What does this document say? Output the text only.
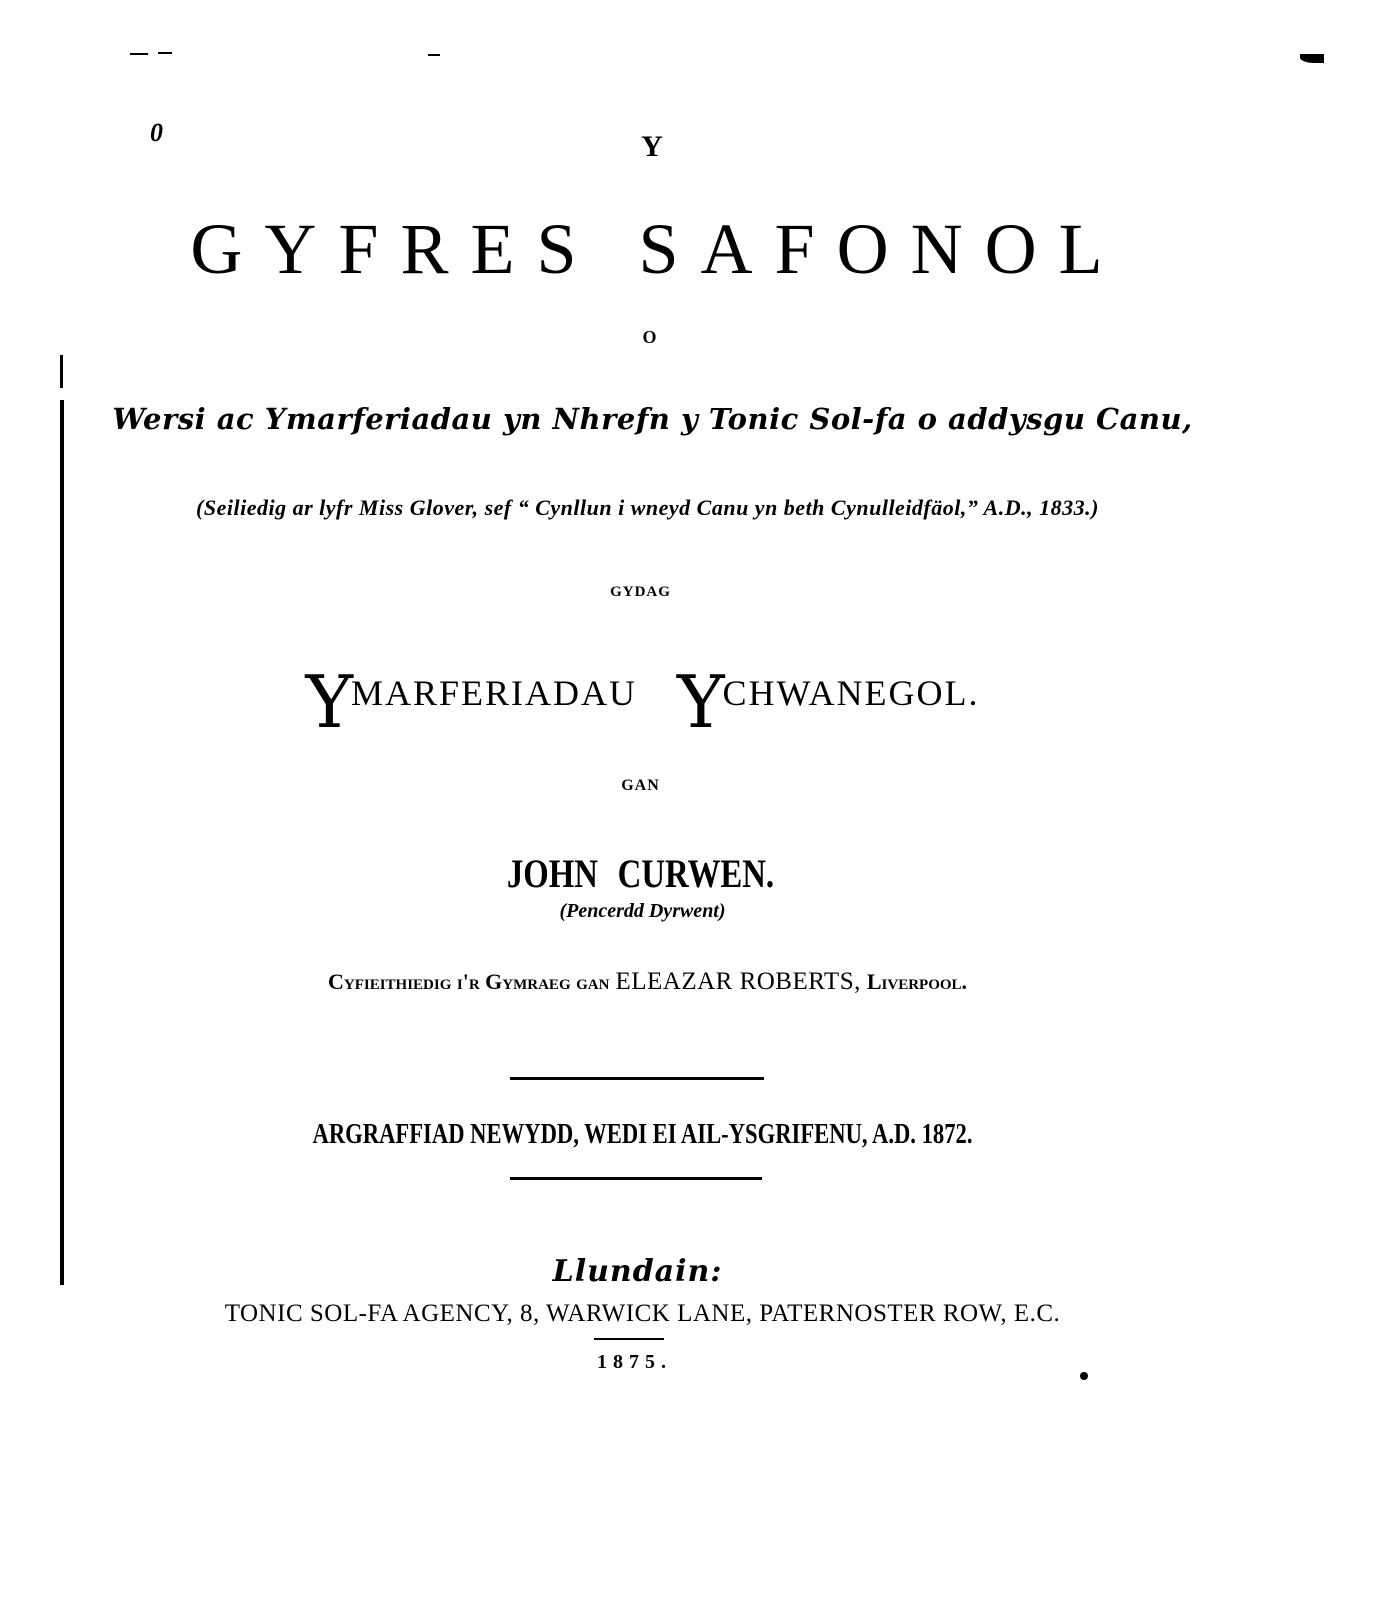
0	Y
GYFRES SAFONOL
O
Wersi ac Ymarferiadau yn Nhrefn y Tonic Sol-fa o addysgu Canu,
(Seiliedig ar lyfr Miss Glover, sef “ Cynllun i wneyd Canu yn beth Cynulleidfäol,” A.D., 1833.)
GYDAG
YMARFERIADAU YCHWANEGOL.
GAN
JOHN CURWEN.
(Pencerdd Dyrwent)
Cyfieithiedig i'r Gymraeg gan ELEAZAR ROBERTS, Liverpool.
ARGRAFFIAD NEWYDD, WEDI EI AIL-YSGRIFENU, A.D. 1872.
Llundain:
TONIC SOL-FA AGENCY, 8, WARWICK LANE, PATERNOSTER ROW, E.C.
1875.
